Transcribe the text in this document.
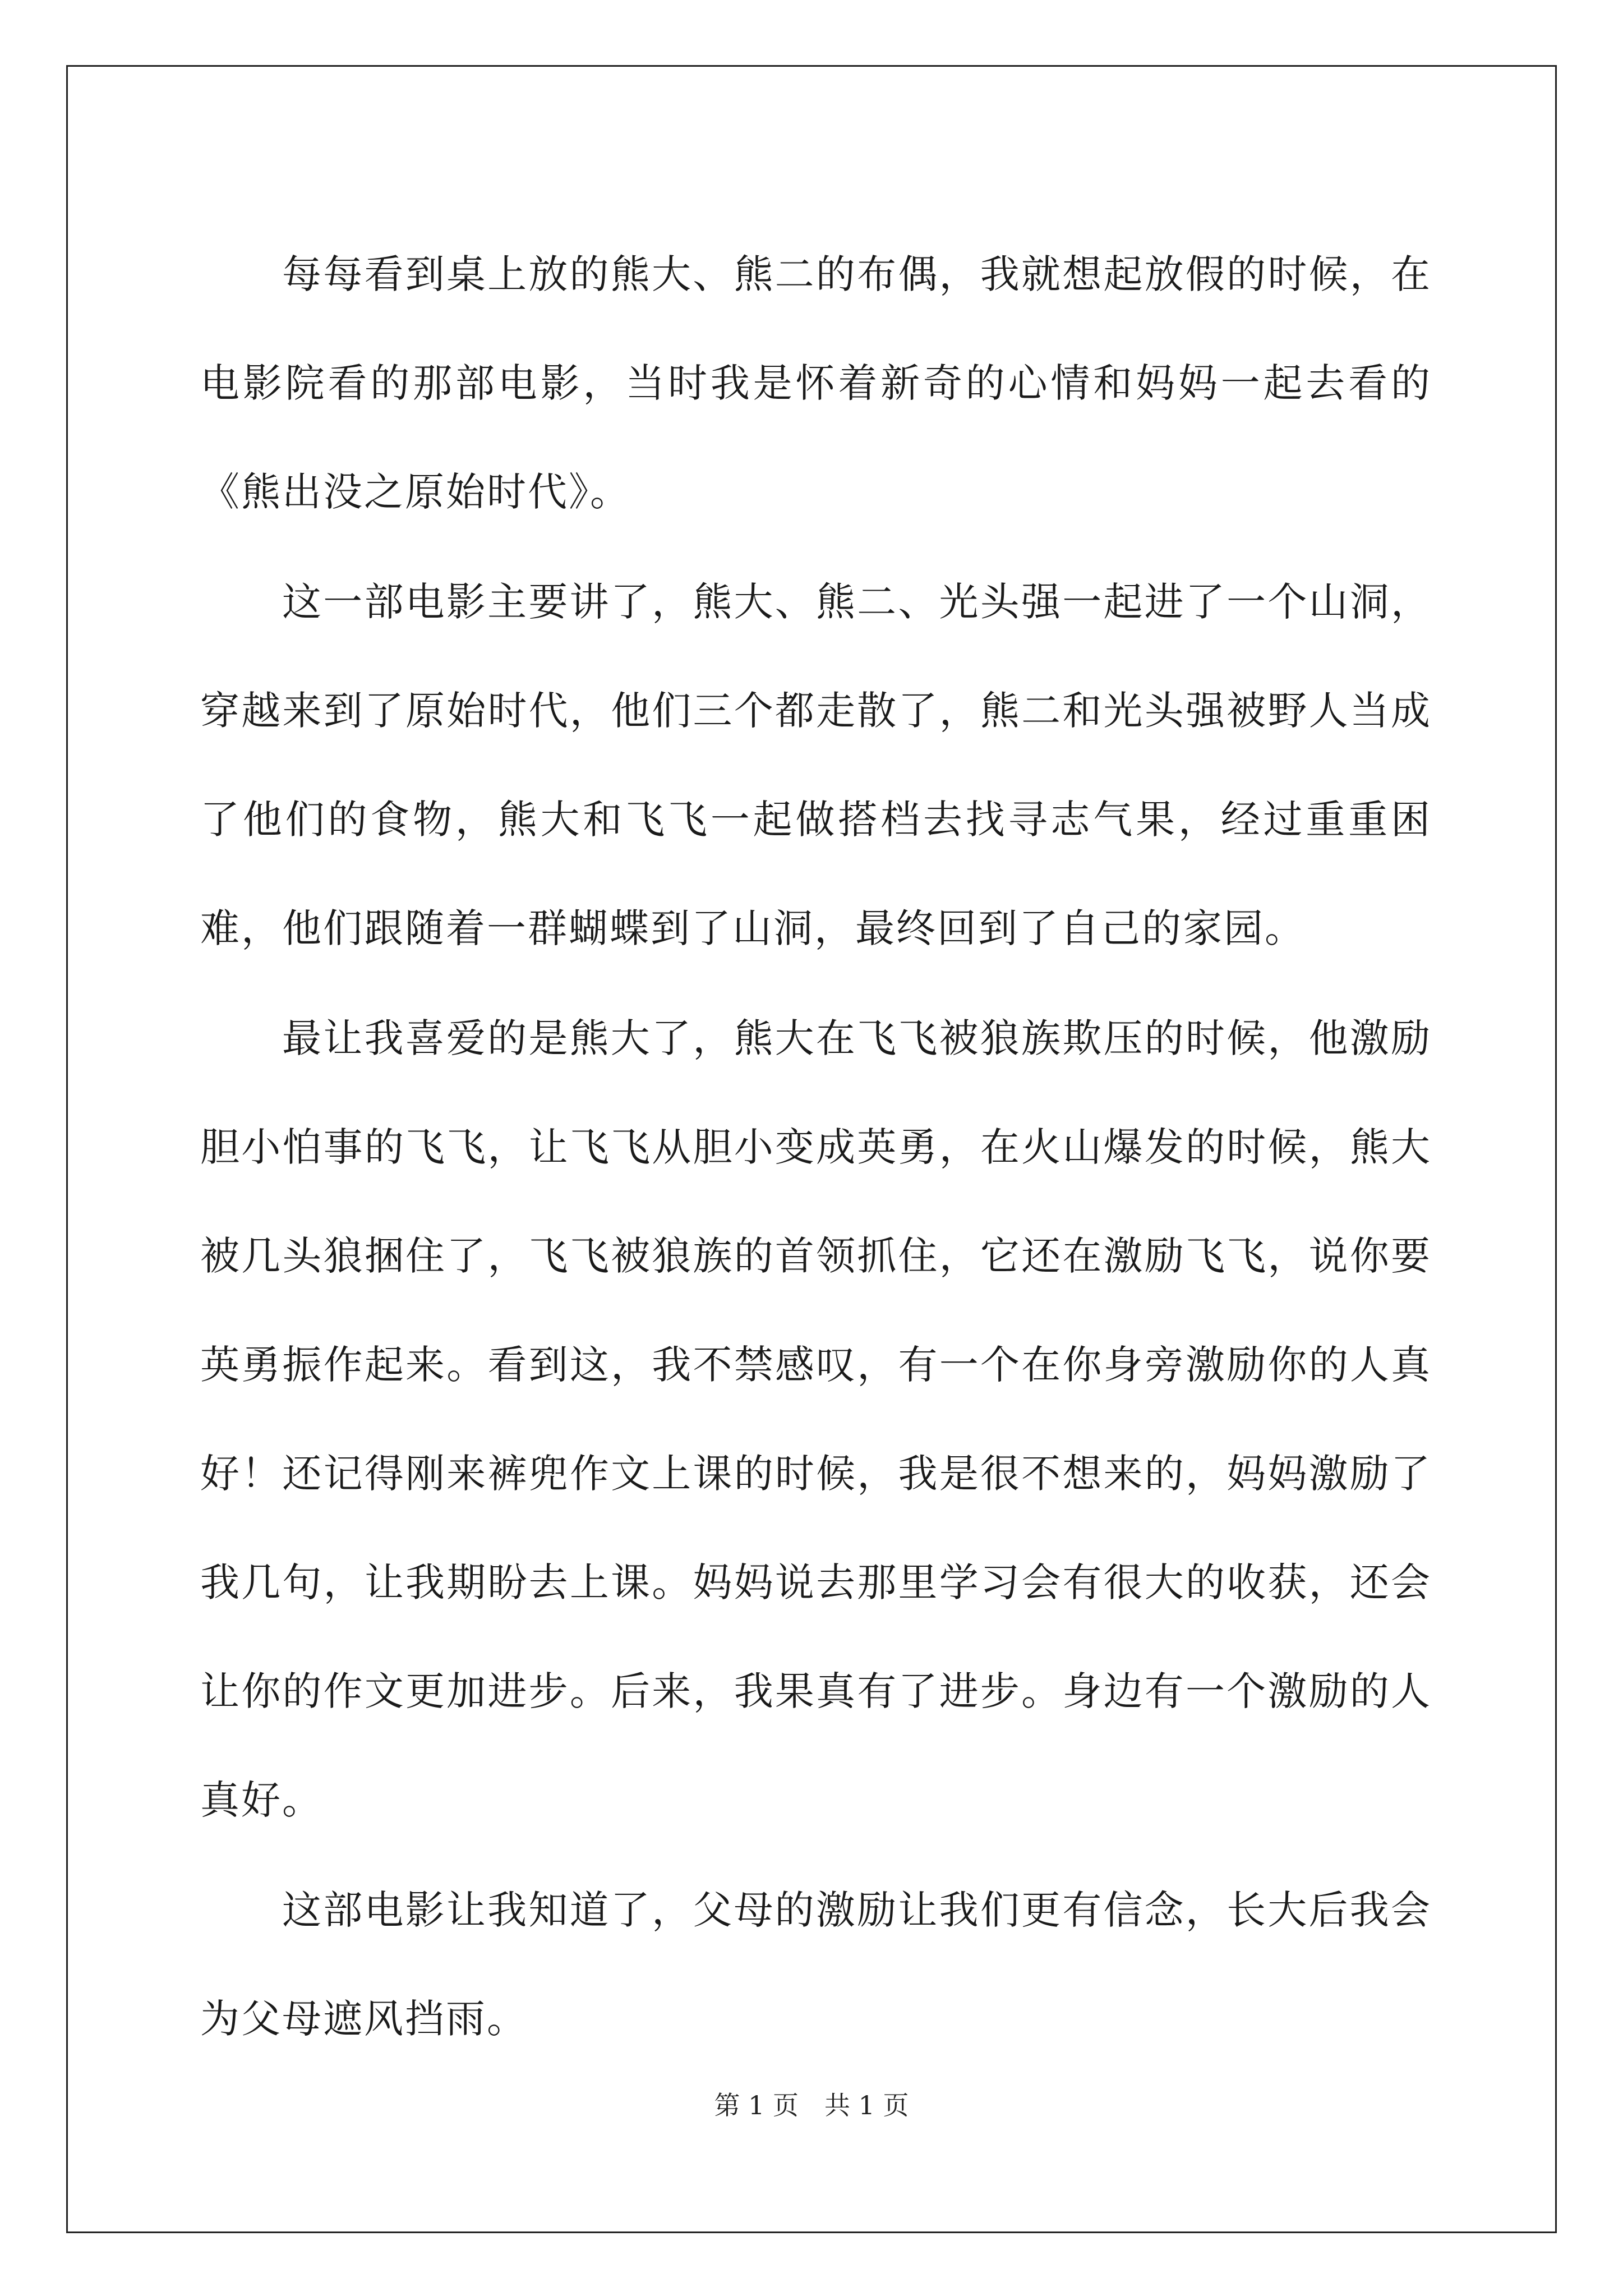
每每看到桌上放的熊大、熊二的布偶，我就想起放假的时候，在电影院看的那部电影，当时我是怀着新奇的心情和妈妈一起去看的《熊出没之原始时代》。

这一部电影主要讲了，熊大、熊二、光头强一起进了一个山洞，穿越来到了原始时代，他们三个都走散了，熊二和光头强被野人当成了他们的食物，熊大和飞飞一起做搭档去找寻志气果，经过重重困难，他们跟随着一群蝴蝶到了山洞，最终回到了自己的家园。

最让我喜爱的是熊大了，熊大在飞飞被狼族欺压的时候，他激励胆小怕事的飞飞，让飞飞从胆小变成英勇，在火山爆发的时候，熊大被几头狼捆住了，飞飞被狼族的首领抓住，它还在激励飞飞，说你要英勇振作起来。看到这，我不禁感叹，有一个在你身旁激励你的人真好！还记得刚来裤兜作文上课的时候，我是很不想来的，妈妈激励了我几句，让我期盼去上课。妈妈说去那里学习会有很大的收获，还会让你的作文更加进步。后来，我果真有了进步。身边有一个激励的人真好。

这部电影让我知道了，父母的激励让我们更有信念，长大后我会为父母遮风挡雨。

第 1 页　共 1 页
